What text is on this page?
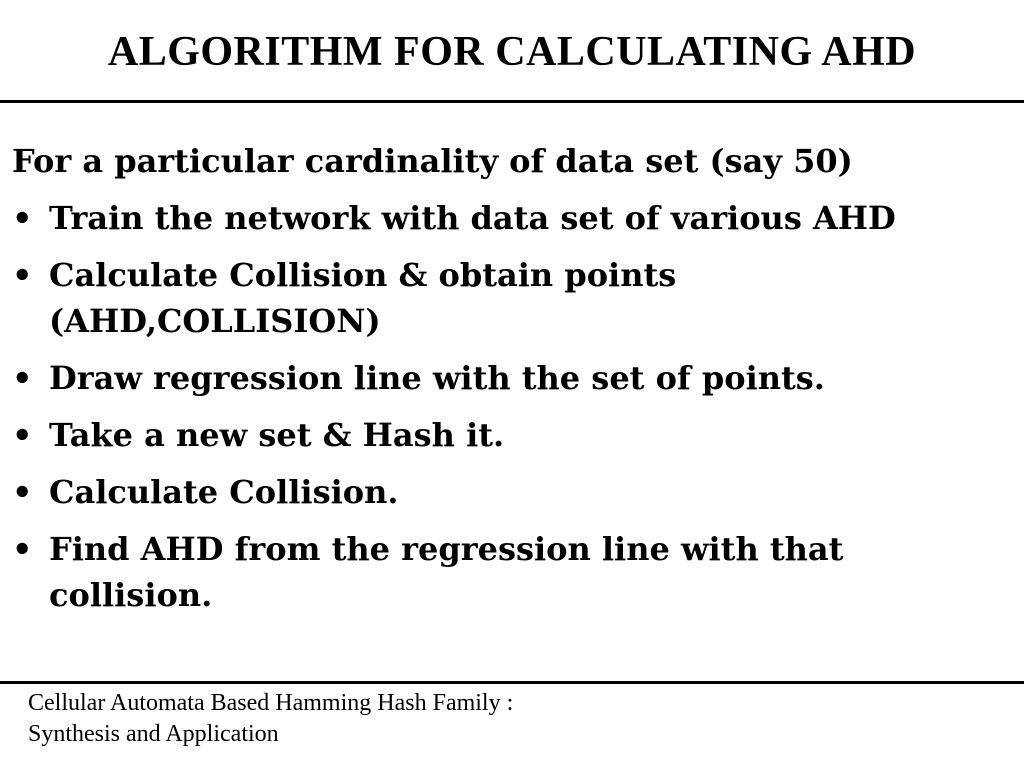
ALGORITHM FOR CALCULATING AHD

For a particular cardinality of data set (say 50)

• Train the network with data set of various AHD
• Calculate Collision & obtain points (AHD,COLLISION)
• Draw regression line with the set of points.
• Take a new set & Hash it.
• Calculate Collision.
• Find AHD from the regression line with that collision.
Cellular Automata Based Hamming Hash Family :
Synthesis and Application
